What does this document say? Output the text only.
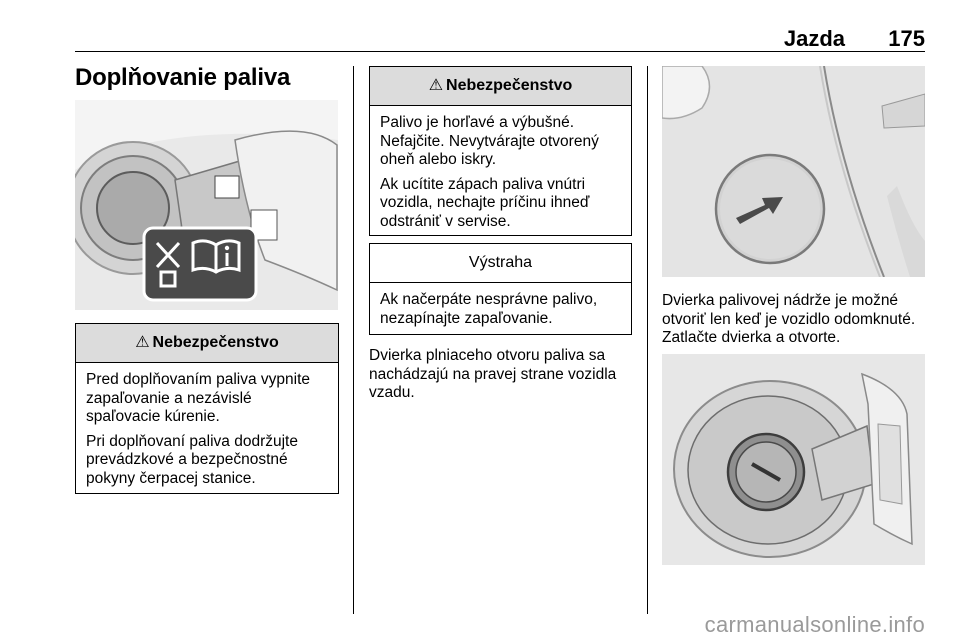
Jazda 175
Doplňovanie paliva
⚠ Nebezpečenstvo

Pred doplňovaním paliva vypnite zapaľovanie a nezávislé spaľovacie kúrenie.

Pri doplňovaní paliva dodržujte prevádzkové a bezpečnostné pokyny čerpacej stanice.

⚠ Nebezpečenstvo

Palivo je horľavé a výbušné. Nefajčite. Nevytvárajte otvorený oheň alebo iskry.

Ak ucítite zápach paliva vnútri vozidla, nechajte príčinu ihneď odstrániť v servise.

Výstraha

Ak načerpáte nesprávne palivo, nezapínajte zapaľovanie.

Dvierka plniaceho otvoru paliva sa nachádzajú na pravej strane vozidla vzadu.
Dvierka palivovej nádrže je možné otvoriť len keď je vozidlo odomknuté. Zatlačte dvierka a otvorte.
carmanualsonline.info
